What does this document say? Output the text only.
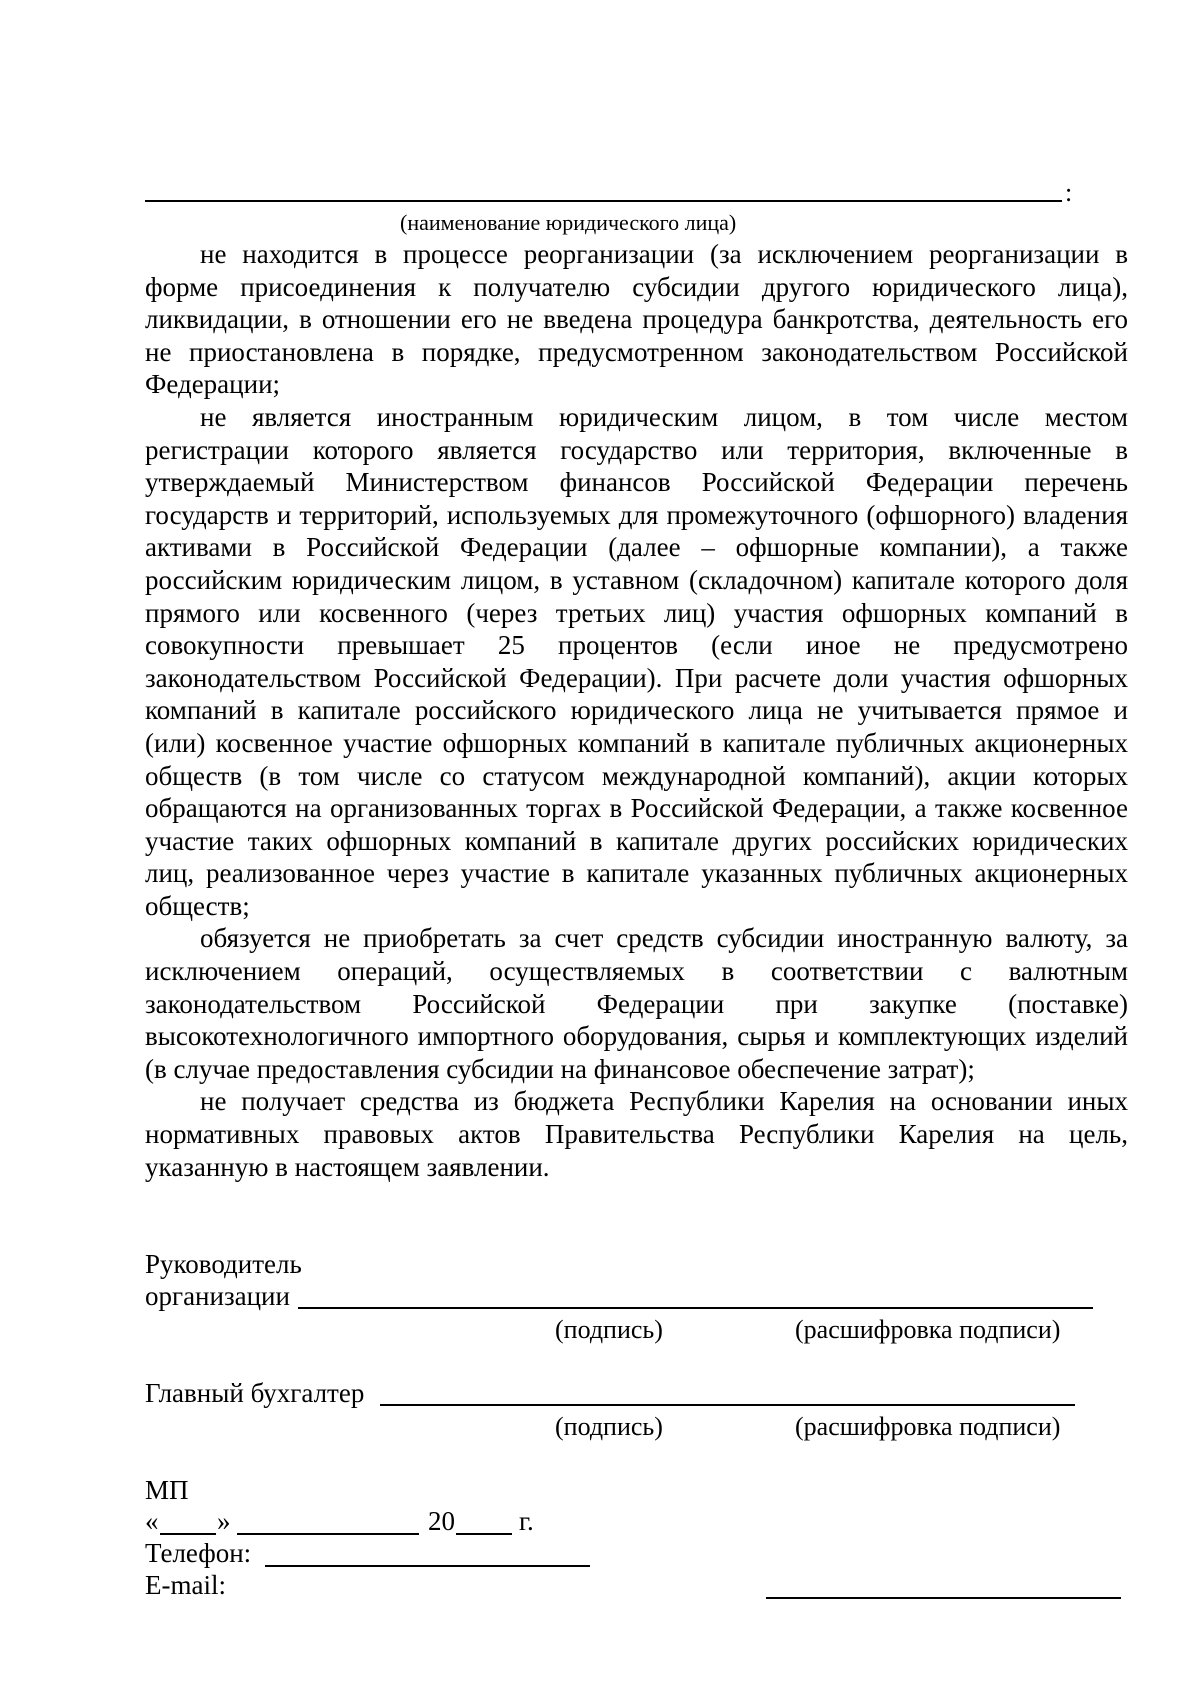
:
(наименование юридического лица)

не находится в процессе реорганизации (за исключением реорганизации в форме присоединения к получателю субсидии другого юридического лица), ликвидации, в отношении его не введена процедура банкротства, деятельность его не приостановлена в порядке, предусмотренном законодательством Российской Федерации;

не является иностранным юридическим лицом, в том числе местом регистрации которого является государство или территория, включенные в утверждаемый Министерством финансов Российской Федерации перечень государств и территорий, используемых для промежуточного (офшорного) владения активами в Российской Федерации (далее – офшорные компании), а также российским юридическим лицом, в уставном (складочном) капитале которого доля прямого или косвенного (через третьих лиц) участия офшорных компаний в совокупности превышает 25 процентов (если иное не предусмотрено законодательством Российской Федерации). При расчете доли участия офшорных компаний в капитале российского юридического лица не учитывается прямое и (или) косвенное участие офшорных компаний в капитале публичных акционерных обществ (в том числе со статусом международной компаний), акции которых обращаются на организованных торгах в Российской Федерации, а также косвенное участие таких офшорных компаний в капитале других российских юридических лиц, реализованное через участие в капитале указанных публичных акционерных обществ;

обязуется не приобретать за счет средств субсидии иностранную валюту, за исключением операций, осуществляемых в соответствии с валютным законодательством Российской Федерации при закупке (поставке) высокотехнологичного импортного оборудования, сырья и комплектующих изделий (в случае предоставления субсидии на финансовое обеспечение затрат);

не получает средства из бюджета Республики Карелия на основании иных нормативных правовых актов Правительства Республики Карелия на цель, указанную в настоящем заявлении.

Руководитель
организации
(подпись)	(расшифровка подписи)
Главный бухгалтер
(подпись)	(расшифровка подписи)
МП
« »	20 г.
Телефон:
E-mail:
